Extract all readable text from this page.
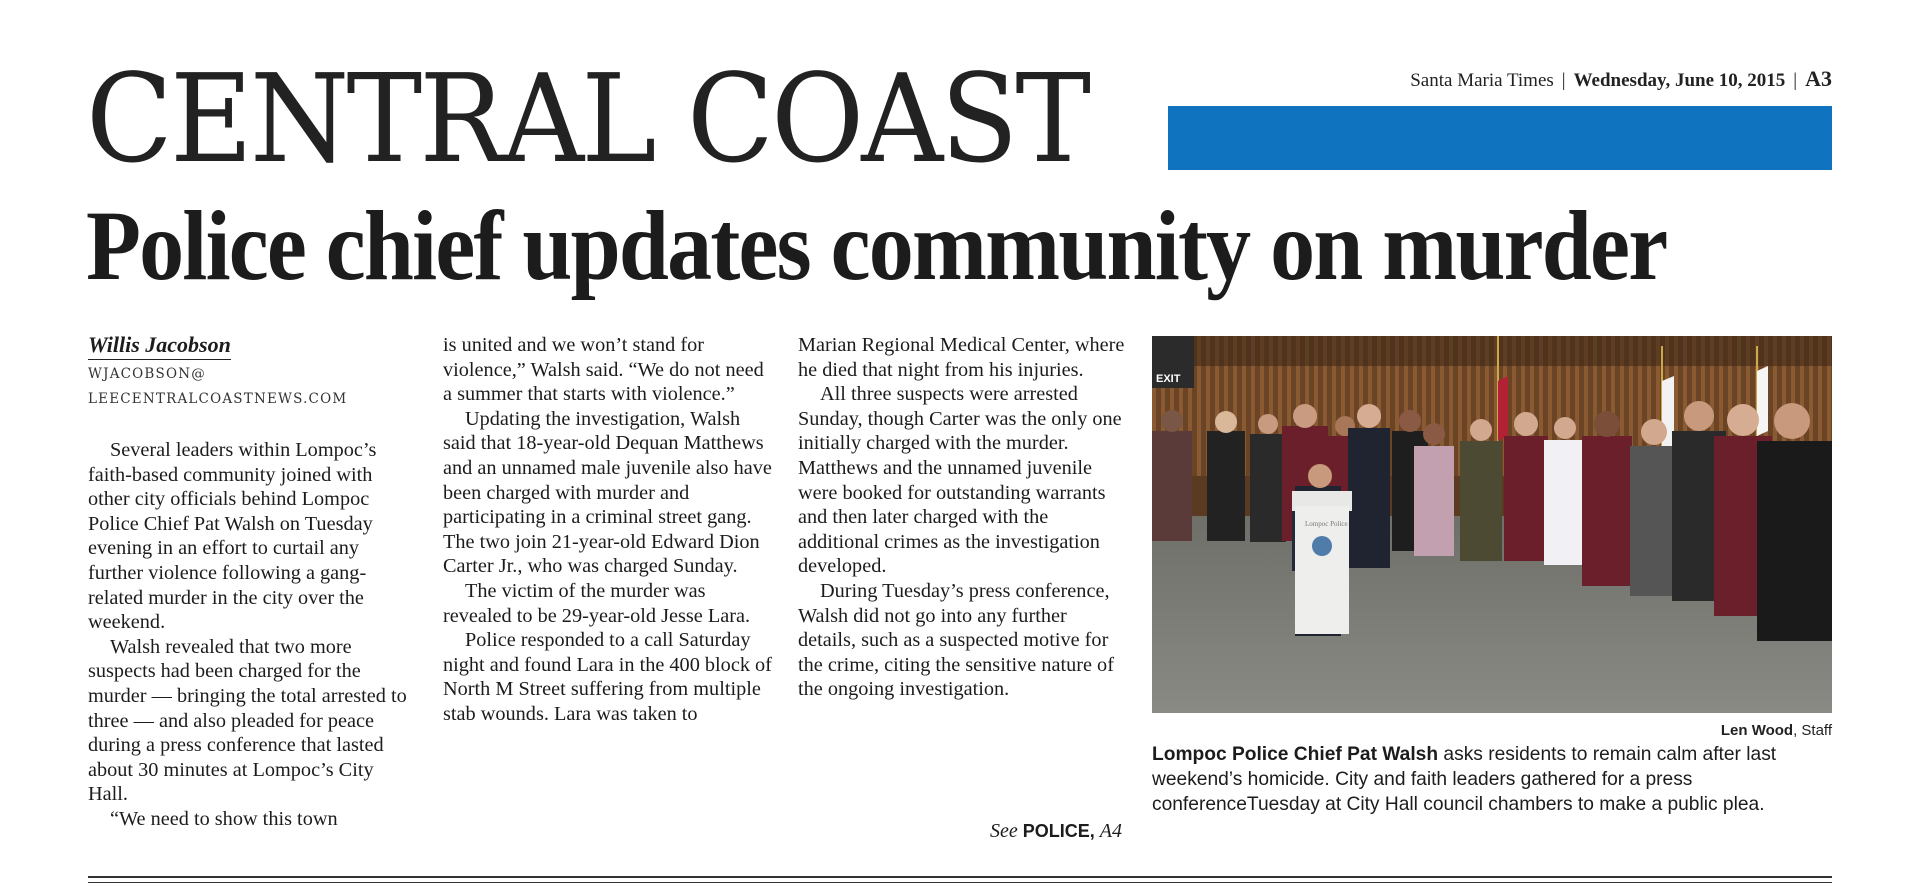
CENTRAL COAST	Santa Maria Times | Wednesday, June 10, 2015 | A3
Police chief updates community on murder
Willis Jacobson
WJACOBSON@
LEECENTRALCOASTNEWS.COM

Several leaders within Lompoc’s faith-based community joined with other city officials behind Lompoc Police Chief Pat Walsh on Tuesday evening in an effort to curtail any further violence following a gang-related murder in the city over the weekend.

Walsh revealed that two more suspects had been charged for the murder — bringing the total arrested to three — and also pleaded for peace during a press conference that lasted about 30 minutes at Lompoc’s City Hall.

“We need to show this town

is united and we won’t stand for violence,” Walsh said. “We do not need a summer that starts with violence.”

Updating the investigation, Walsh said that 18-year-old Dequan Matthews and an unnamed male juvenile also have been charged with murder and participating in a criminal street gang. The two join 21-year-old Edward Dion Carter Jr., who was charged Sunday.

The victim of the murder was revealed to be 29-year-old Jesse Lara.

Police responded to a call Saturday night and found Lara in the 400 block of North M Street suffering from multiple stab wounds. Lara was taken to

Marian Regional Medical Center, where he died that night from his injuries.

All three suspects were arrested Sunday, though Carter was the only one initially charged with the murder. Matthews and the unnamed juvenile were booked for outstanding warrants and then later charged with the additional crimes as the investigation developed.

During Tuesday’s press conference, Walsh did not go into any further details, such as a suspected motive for the crime, citing the sensitive nature of the ongoing investigation.

See POLICE, A4
EXIT
Lompoc Police
Len Wood, Staff
Lompoc Police Chief Pat Walsh asks residents to remain calm after last weekend’s homicide. City and faith leaders gathered for a press conferenceTuesday at City Hall council chambers to make a public plea.
